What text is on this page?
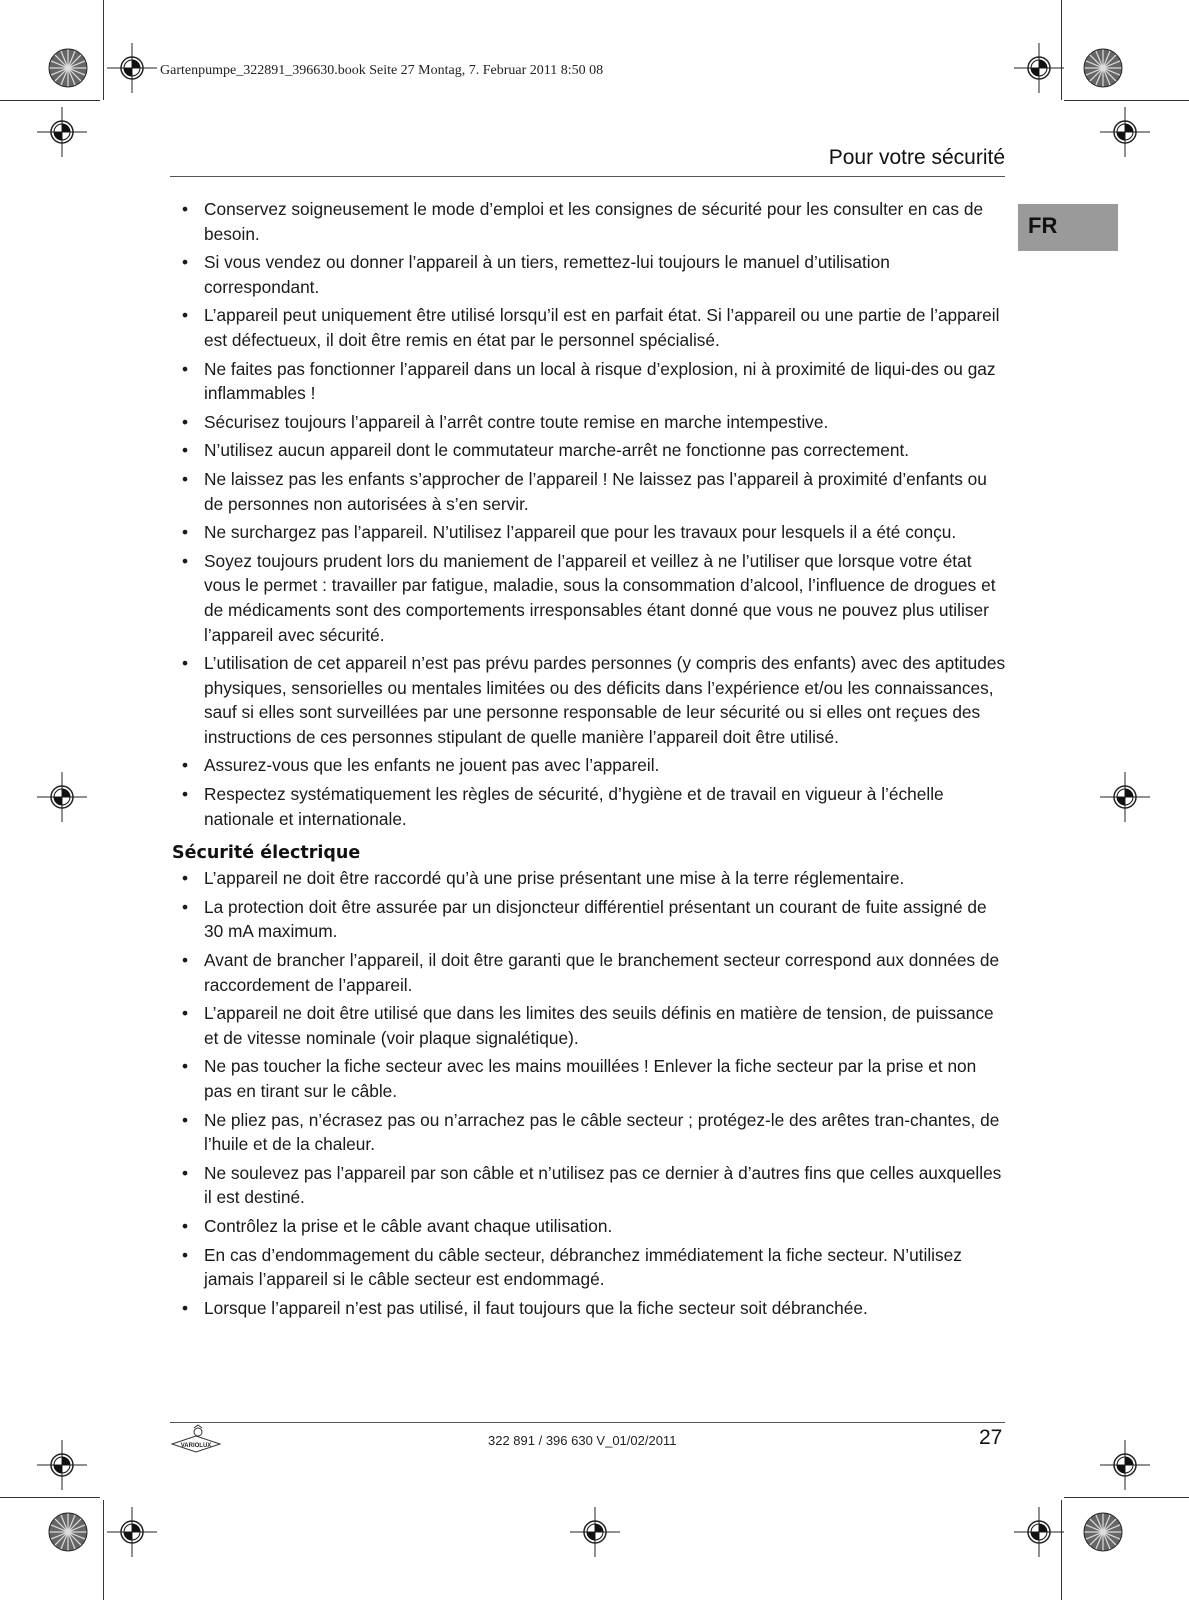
Gartenpumpe_322891_396630.book Seite 27 Montag, 7. Februar 2011 8:50 08
Pour votre sécurité
FR
• Conservez soigneusement le mode d’emploi et les consignes de sécurité pour les consulter en cas de besoin.
• Si vous vendez ou donner l’appareil à un tiers, remettez-lui toujours le manuel d’utilisation correspondant.
• L’appareil peut uniquement être utilisé lorsqu’il est en parfait état. Si l’appareil ou une partie de l’appareil est défectueux, il doit être remis en état par le personnel spécialisé.
• Ne faites pas fonctionner l’appareil dans un local à risque d’explosion, ni à proximité de liqui-des ou gaz inflammables !
• Sécurisez toujours l’appareil à l’arrêt contre toute remise en marche intempestive.
• N’utilisez aucun appareil dont le commutateur marche-arrêt ne fonctionne pas correctement.
• Ne laissez pas les enfants s’approcher de l’appareil ! Ne laissez pas l’appareil à proximité d’enfants ou de personnes non autorisées à s’en servir.
• Ne surchargez pas l’appareil. N’utilisez l’appareil que pour les travaux pour lesquels il a été conçu.
• Soyez toujours prudent lors du maniement de l’appareil et veillez à ne l’utiliser que lorsque votre état vous le permet : travailler par fatigue, maladie, sous la consommation d’alcool, l’influence de drogues et de médicaments sont des comportements irresponsables étant donné que vous ne pouvez plus utiliser l’appareil avec sécurité.
• L’utilisation de cet appareil n’est pas prévu pardes personnes (y compris des enfants) avec des aptitudes physiques, sensorielles ou mentales limitées ou des déficits dans l’expérience et/ou les connaissances, sauf si elles sont surveillées par une personne responsable de leur sécurité ou si elles ont reçues des instructions de ces personnes stipulant de quelle manière l’appareil doit être utilisé.
• Assurez-vous que les enfants ne jouent pas avec l’appareil.
• Respectez systématiquement les règles de sécurité, d’hygiène et de travail en vigueur à l’échelle nationale et internationale.
Sécurité électrique
• L’appareil ne doit être raccordé qu’à une prise présentant une mise à la terre réglementaire.
• La protection doit être assurée par un disjoncteur différentiel présentant un courant de fuite assigné de 30 mA maximum.
• Avant de brancher l’appareil, il doit être garanti que le branchement secteur correspond aux données de raccordement de l’appareil.
• L’appareil ne doit être utilisé que dans les limites des seuils définis en matière de tension, de puissance et de vitesse nominale (voir plaque signalétique).
• Ne pas toucher la fiche secteur avec les mains mouillées ! Enlever la fiche secteur par la prise et non pas en tirant sur le câble.
• Ne pliez pas, n’écrasez pas ou n’arrachez pas le câble secteur ; protégez-le des arêtes tran-chantes, de l’huile et de la chaleur.
• Ne soulevez pas l’appareil par son câble et n’utilisez pas ce dernier à d’autres fins que celles auxquelles il est destiné.
• Contrôlez la prise et le câble avant chaque utilisation.
• En cas d’endommagement du câble secteur, débranchez immédiatement la fiche secteur. N’utilisez jamais l’appareil si le câble secteur est endommagé.
• Lorsque l’appareil n’est pas utilisé, il faut toujours que la fiche secteur soit débranchée.
VARIOLUX	322 891 / 396 630 V_01/02/2011	27
